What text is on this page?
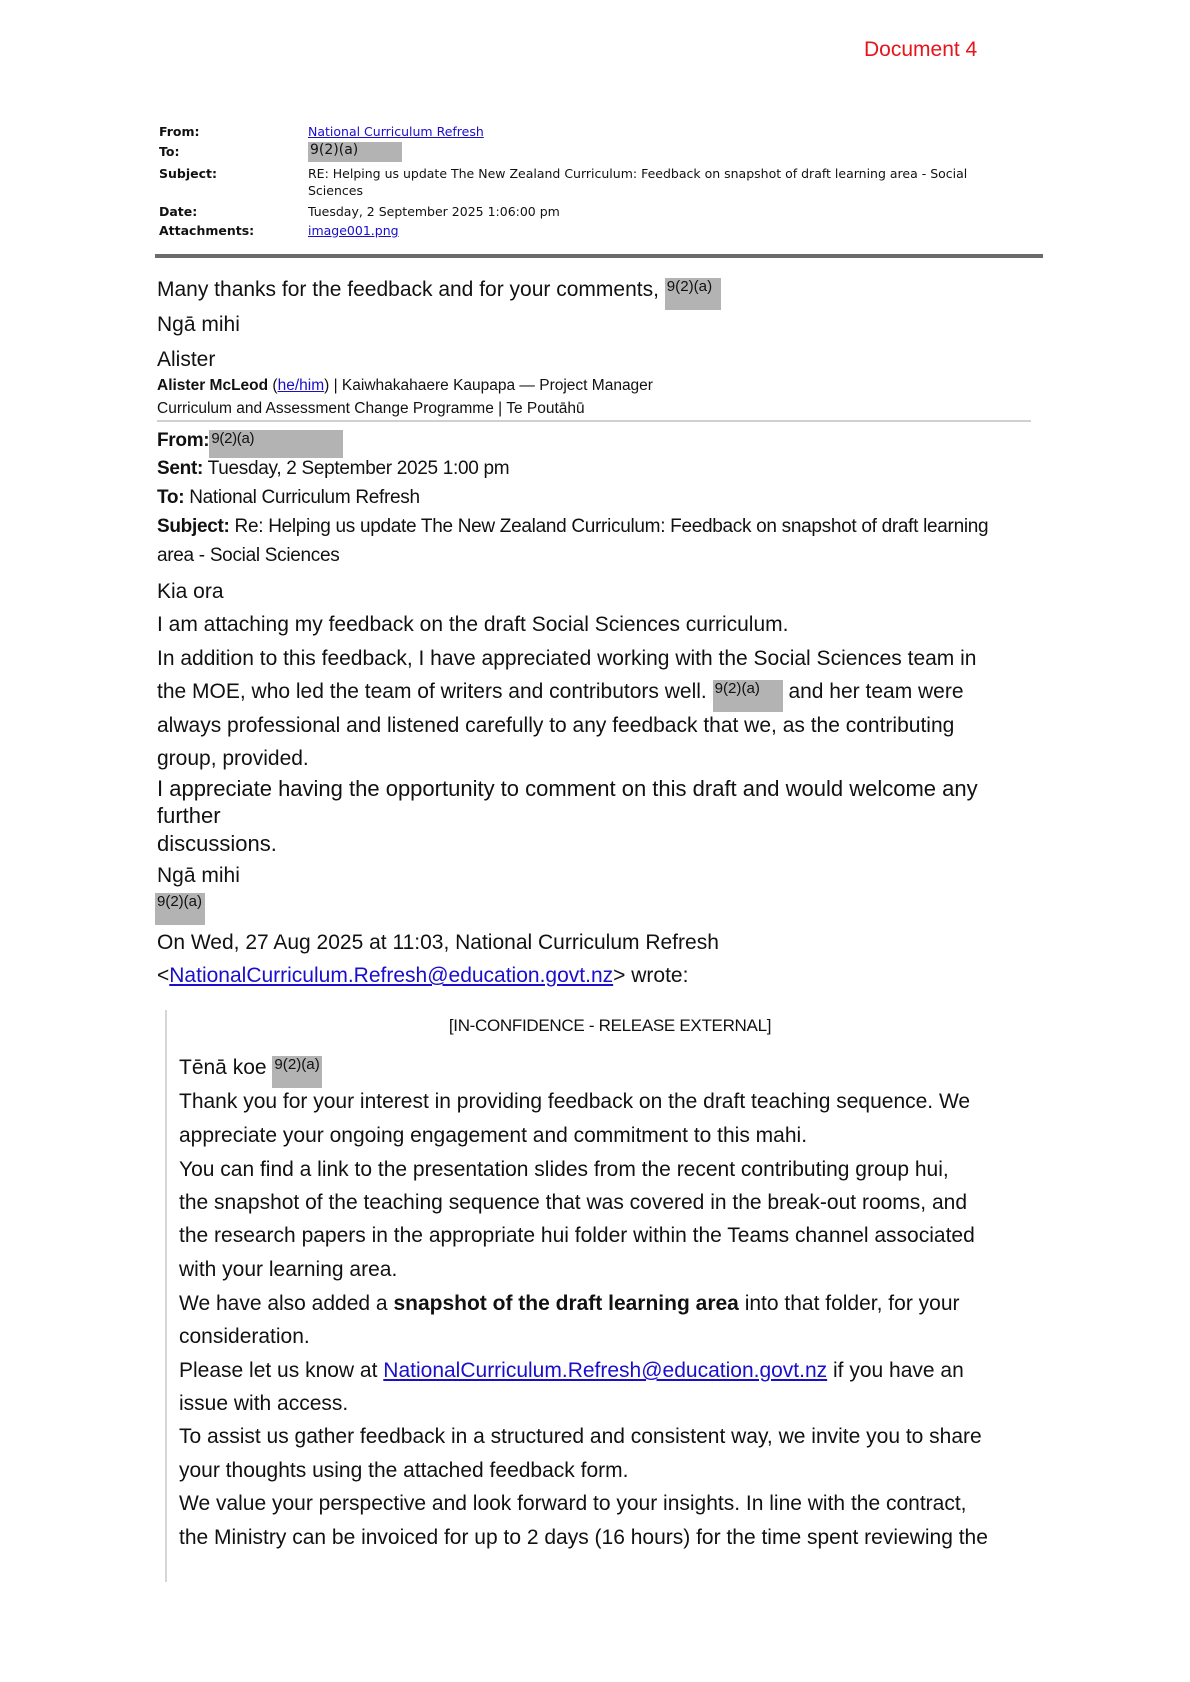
Document 4
From:	National Curriculum Refresh
To:	9(2)(a)
Subject:	RE: Helping us update The New Zealand Curriculum: Feedback on snapshot of draft learning area - Social
Sciences
Date:	Tuesday, 2 September 2025 1:06:00 pm
Attachments:	image001.png
Many thanks for the feedback and for your comments, 9(2)(a)
Ngā mihi
Alister
Alister McLeod (he/him) | Kaiwhakahaere Kaupapa — Project Manager
Curriculum and Assessment Change Programme | Te Poutāhū
From: 9(2)(a)
Sent: Tuesday, 2 September 2025 1:00 pm
To: National Curriculum Refresh
Subject: Re: Helping us update The New Zealand Curriculum: Feedback on snapshot of draft learning
area - Social Sciences
Kia ora
I am attaching my feedback on the draft Social Sciences curriculum.
In addition to this feedback, I have appreciated working with the Social Sciences team in
the MOE, who led the team of writers and contributors well. 9(2)(a) and her team were
always professional and listened carefully to any feedback that we, as the contributing
group, provided.
I appreciate having the opportunity to comment on this draft and would welcome any
further
discussions.
Ngā mihi
9(2)(a)
On Wed, 27 Aug 2025 at 11:03, National Curriculum Refresh
<NationalCurriculum.Refresh@education.govt.nz> wrote:
[IN-CONFIDENCE - RELEASE EXTERNAL]
Tēnā koe 9(2)(a)
Thank you for your interest in providing feedback on the draft teaching sequence. We
appreciate your ongoing engagement and commitment to this mahi.
You can find a link to the presentation slides from the recent contributing group hui,
the snapshot of the teaching sequence that was covered in the break-out rooms, and
the research papers in the appropriate hui folder within the Teams channel associated
with your learning area.
We have also added a snapshot of the draft learning area into that folder, for your
consideration.
Please let us know at NationalCurriculum.Refresh@education.govt.nz if you have an
issue with access.
To assist us gather feedback in a structured and consistent way, we invite you to share
your thoughts using the attached feedback form.
We value your perspective and look forward to your insights. In line with the contract,
the Ministry can be invoiced for up to 2 days (16 hours) for the time spent reviewing the
